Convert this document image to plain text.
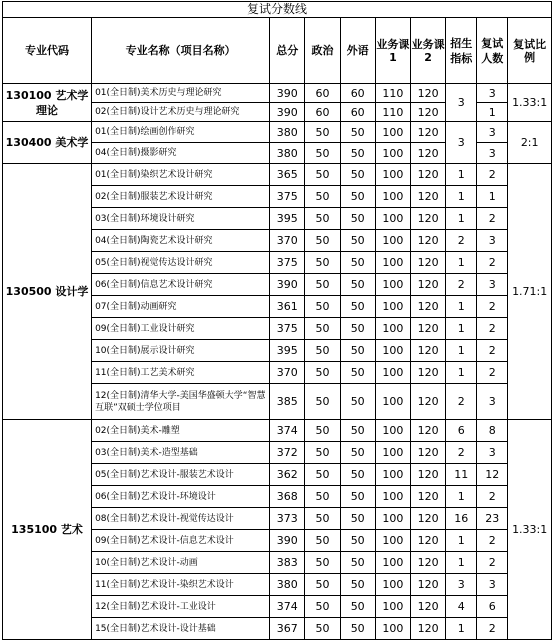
复试分数线									
专业代码	专业名称（项目名称）	总分	政治	外语	业务课1	业务课2	招生指标	复试人数	复试比例
130100 艺术学理论	01(全日制)美术历史与理论研究	390	60	60	110	120	3	3	1.33:1
	02(全日制)设计艺术历史与理论研究	390	60	60	110	120		1	
130400 美术学	01(全日制)绘画创作研究	380	50	50	100	120	3	3	2:1
	04(全日制)摄影研究	380	50	50	100	120		3	
130500 设计学	01(全日制)染织艺术设计研究	365	50	50	100	120	1	2	1.71:1
	02(全日制)服装艺术设计研究	375	50	50	100	120	1	1	
	03(全日制)环境设计研究	395	50	50	100	120	1	2	
	04(全日制)陶瓷艺术设计研究	370	50	50	100	120	2	3	
	05(全日制)视觉传达设计研究	375	50	50	100	120	1	2	
	06(全日制)信息艺术设计研究	390	50	50	100	120	2	3	
	07(全日制)动画研究	361	50	50	100	120	1	2	
	09(全日制)工业设计研究	375	50	50	100	120	1	2	
	10(全日制)展示设计研究	395	50	50	100	120	1	2	
	11(全日制)工艺美术研究	370	50	50	100	120	1	2	
	12(全日制)清华大学-美国华盛顿大学“智慧互联”双硕士学位项目	385	50	50	100	120	2	3	
135100 艺术	02(全日制)美术-雕塑	374	50	50	100	120	6	8	1.33:1
	03(全日制)美术-造型基础	372	50	50	100	120	2	3	
	05(全日制)艺术设计-服装艺术设计	362	50	50	100	120	11	12	
	06(全日制)艺术设计-环境设计	368	50	50	100	120	1	2	
	08(全日制)艺术设计-视觉传达设计	373	50	50	100	120	16	23	
	09(全日制)艺术设计-信息艺术设计	390	50	50	100	120	1	2	
	10(全日制)艺术设计-动画	383	50	50	100	120	1	2	
	11(全日制)艺术设计-染织艺术设计	380	50	50	100	120	3	3	
	12(全日制)艺术设计-工业设计	374	50	50	100	120	4	6	
	15(全日制)艺术设计-设计基础	367	50	50	100	120	1	2	
